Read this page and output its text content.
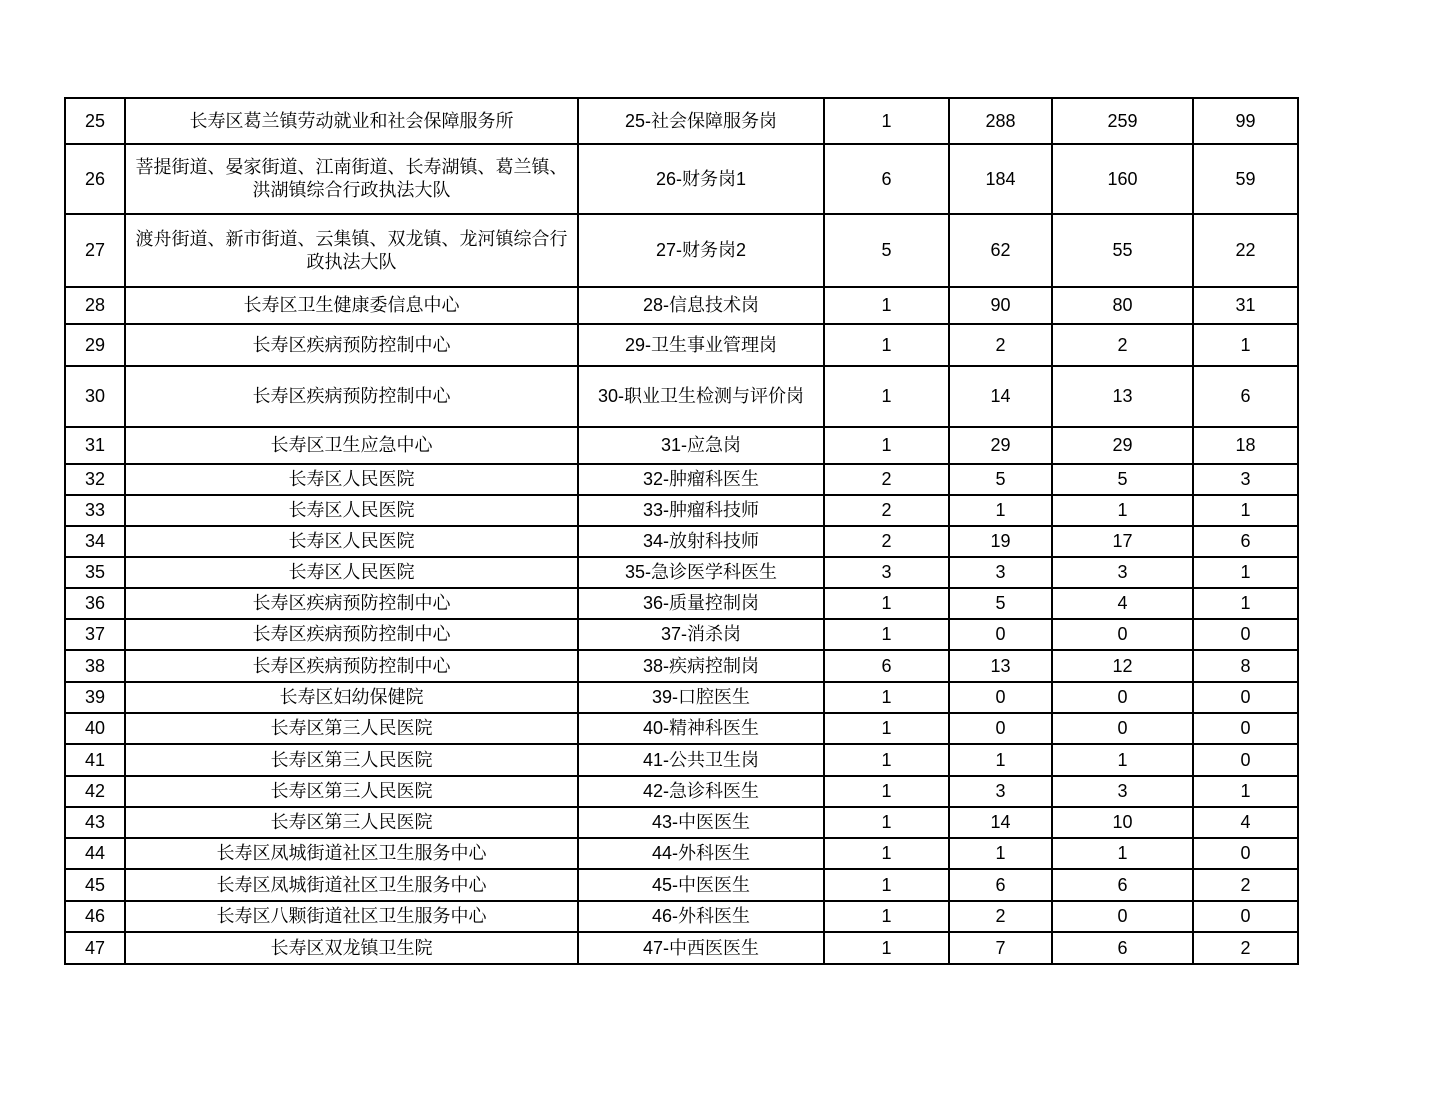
25	长寿区葛兰镇劳动就业和社会保障服务所	25-社会保障服务岗	1	288	259	99
26	菩提街道、晏家街道、江南街道、长寿湖镇、葛兰镇、洪湖镇综合行政执法大队	26-财务岗1	6	184	160	59
27	渡舟街道、新市街道、云集镇、双龙镇、龙河镇综合行政执法大队	27-财务岗2	5	62	55	22
28	长寿区卫生健康委信息中心	28-信息技术岗	1	90	80	31
29	长寿区疾病预防控制中心	29-卫生事业管理岗	1	2	2	1
30	长寿区疾病预防控制中心	30-职业卫生检测与评价岗	1	14	13	6
31	长寿区卫生应急中心	31-应急岗	1	29	29	18
32	长寿区人民医院	32-肿瘤科医生	2	5	5	3
33	长寿区人民医院	33-肿瘤科技师	2	1	1	1
34	长寿区人民医院	34-放射科技师	2	19	17	6
35	长寿区人民医院	35-急诊医学科医生	3	3	3	1
36	长寿区疾病预防控制中心	36-质量控制岗	1	5	4	1
37	长寿区疾病预防控制中心	37-消杀岗	1	0	0	0
38	长寿区疾病预防控制中心	38-疾病控制岗	6	13	12	8
39	长寿区妇幼保健院	39-口腔医生	1	0	0	0
40	长寿区第三人民医院	40-精神科医生	1	0	0	0
41	长寿区第三人民医院	41-公共卫生岗	1	1	1	0
42	长寿区第三人民医院	42-急诊科医生	1	3	3	1
43	长寿区第三人民医院	43-中医医生	1	14	10	4
44	长寿区凤城街道社区卫生服务中心	44-外科医生	1	1	1	0
45	长寿区凤城街道社区卫生服务中心	45-中医医生	1	6	6	2
46	长寿区八颗街道社区卫生服务中心	46-外科医生	1	2	0	0
47	长寿区双龙镇卫生院	47-中西医医生	1	7	6	2
